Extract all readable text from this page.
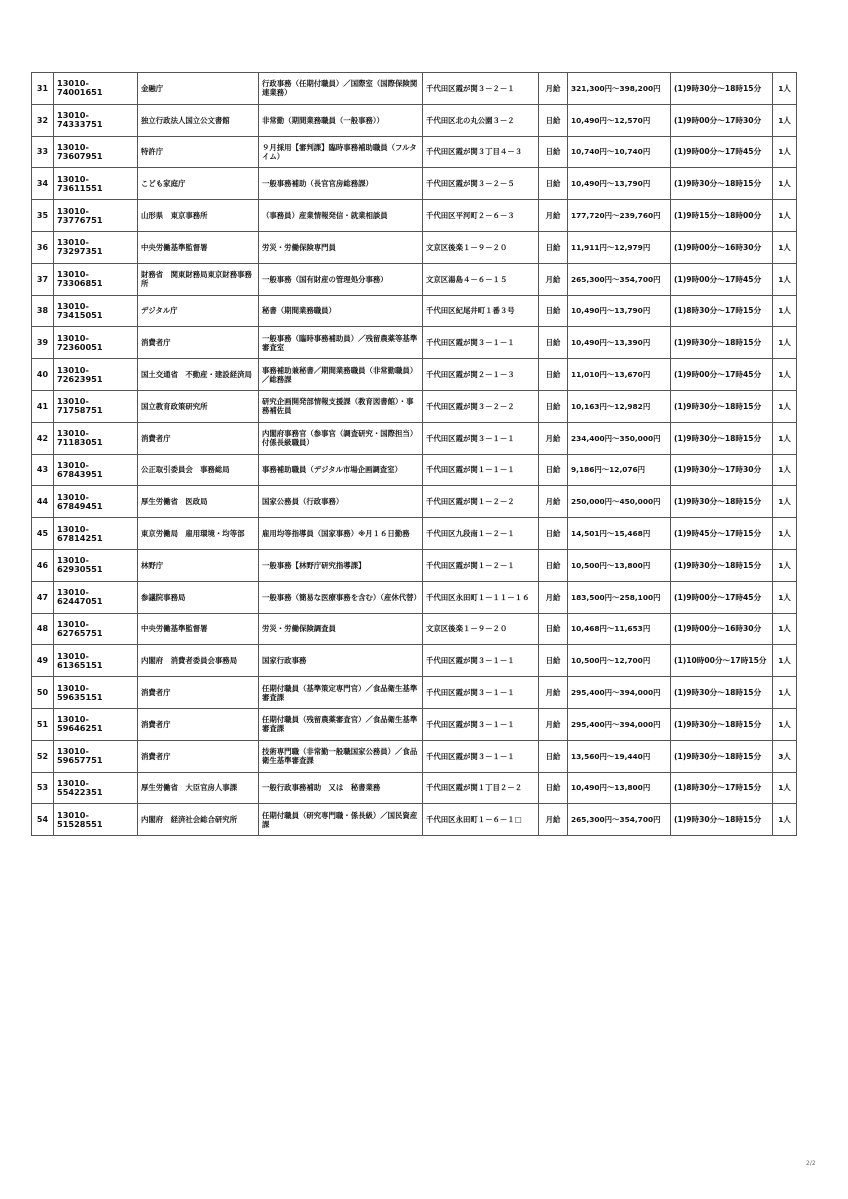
31	13010-74001651	金融庁	行政事務（任期付職員）／国際室（国際保険関連業務）	千代田区霞が関３－２－１	月給	321,300円～398,200円	(1)9時30分～18時15分	1人
32	13010-74333751	独立行政法人国立公文書館	非常勤（期間業務職員（一般事務））	千代田区北の丸公園３－２	日給	10,490円～12,570円	(1)9時00分～17時30分	1人
33	13010-73607951	特許庁	９月採用【審判課】臨時事務補助職員（フルタイム）	千代田区霞が関３丁目４－３	日給	10,740円～10,740円	(1)9時00分～17時45分	1人
34	13010-73611551	こども家庭庁	一般事務補助（長官官房総務課）	千代田区霞が関３－２－５	日給	10,490円～13,790円	(1)9時30分～18時15分	1人
35	13010-73776751	山形県　東京事務所	（事務員）産業情報発信・就業相談員	千代田区平河町２－６－３	月給	177,720円～239,760円	(1)9時15分～18時00分	1人
36	13010-73297351	中央労働基準監督署	労災・労働保険専門員	文京区後楽１－９－２０	日給	11,911円～12,979円	(1)9時00分～16時30分	1人
37	13010-73306851	財務省　関東財務局東京財務事務所	一般事務（国有財産の管理処分事務）	文京区湯島４－６－１５	月給	265,300円～354,700円	(1)9時00分～17時45分	1人
38	13010-73415051	デジタル庁	秘書（期間業務職員）	千代田区紀尾井町１番３号	日給	10,490円～13,790円	(1)8時30分～17時15分	1人
39	13010-72360051	消費者庁	一般事務（臨時事務補助員）／残留農薬等基準審査室	千代田区霞が関３－１－１	日給	10,490円～13,390円	(1)9時30分～18時15分	1人
40	13010-72623951	国土交通省　不動産・建設経済局	事務補助兼秘書／期間業務職員（非常勤職員）／総務課	千代田区霞が関２－１－３	日給	11,010円～13,670円	(1)9時00分～17時45分	1人
41	13010-71758751	国立教育政策研究所	研究企画開発部情報支援課（教育図書館）・事務補佐員	千代田区霞が関３－２－２	日給	10,163円～12,982円	(1)9時30分～18時15分	1人
42	13010-71183051	消費者庁	内閣府事務官（参事官（調査研究・国際担当）付係長級職員）	千代田区霞が関３－１－１	月給	234,400円～350,000円	(1)9時30分～18時15分	1人
43	13010-67843951	公正取引委員会　事務総局	事務補助職員（デジタル市場企画調査室）	千代田区霞が関１－１－１	日給	9,186円～12,076円	(1)9時30分～17時30分	1人
44	13010-67849451	厚生労働省　医政局	国家公務員（行政事務）	千代田区霞が関１－２－２	月給	250,000円～450,000円	(1)9時30分～18時15分	1人
45	13010-67814251	東京労働局　雇用環境・均等部	雇用均等指導員（国家事務）※月１６日勤務	千代田区九段南１－２－１	日給	14,501円～15,468円	(1)9時45分～17時15分	1人
46	13010-62930551	林野庁	一般事務【林野庁研究指導課】	千代田区霞が関１－２－１	日給	10,500円～13,800円	(1)9時30分～18時15分	1人
47	13010-62447051	参議院事務局	一般事務（簡易な医療事務を含む）（産休代替）	千代田区永田町１－１１－１６	月給	183,500円～258,100円	(1)9時00分～17時45分	1人
48	13010-62765751	中央労働基準監督署	労災・労働保険調査員	文京区後楽１－９－２０	日給	10,468円～11,653円	(1)9時00分～16時30分	1人
49	13010-61365151	内閣府　消費者委員会事務局	国家行政事務	千代田区霞が関３－１－１	日給	10,500円～12,700円	(1)10時00分～17時15分	1人
50	13010-59635151	消費者庁	任期付職員（基準策定専門官）／食品衛生基準審査課	千代田区霞が関３－１－１	月給	295,400円～394,000円	(1)9時30分～18時15分	1人
51	13010-59646251	消費者庁	任期付職員（残留農薬審査官）／食品衛生基準審査課	千代田区霞が関３－１－１	月給	295,400円～394,000円	(1)9時30分～18時15分	1人
52	13010-59657751	消費者庁	技術専門職（非常勤一般職国家公務員）／食品衛生基準審査課	千代田区霞が関３－１－１	日給	13,560円～19,440円	(1)9時30分～18時15分	3人
53	13010-55422351	厚生労働省　大臣官房人事課	一般行政事務補助　又は　秘書業務	千代田区霞が関１丁目２－２	日給	10,490円～13,800円	(1)8時30分～17時15分	1人
54	13010-51528551	内閣府　経済社会総合研究所	任期付職員（研究専門職・係長級）／国民資産課	千代田区永田町１－６－１□	月給	265,300円～354,700円	(1)9時30分～18時15分	1人
2/2
